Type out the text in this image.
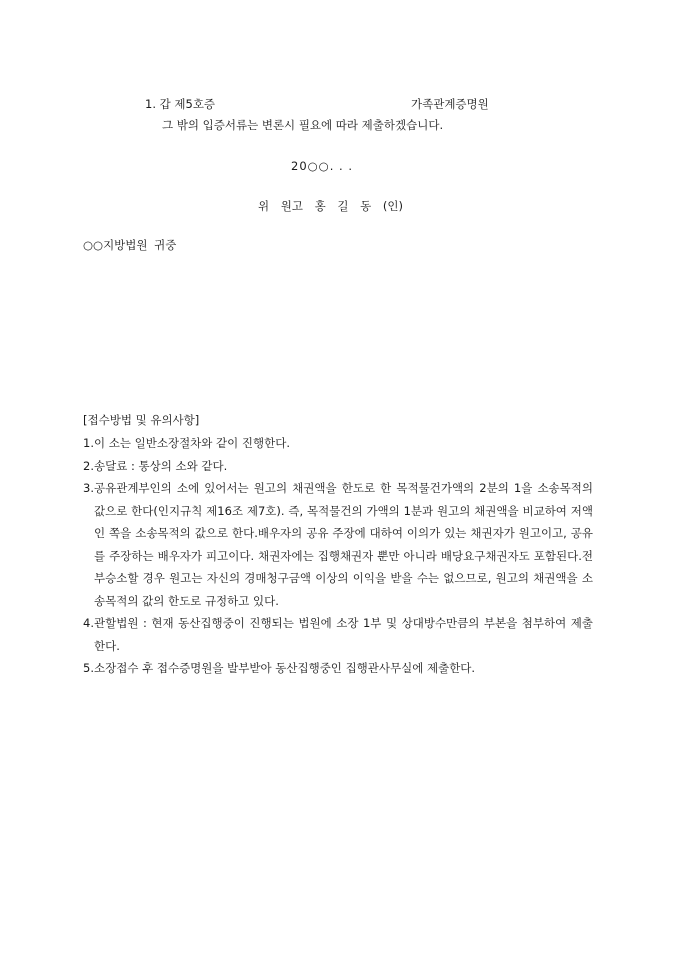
1. 갑 제5호증	가족관계증명원
그 밖의 입증서류는 변론시 필요에 따라 제출하겠습니다.
20○○. . .
위 원고 홍 길 동 (인)
○○지방법원 귀중
[접수방법 및 유의사항]
1. 이 소는 일반소장절차와 같이 진행한다.
2. 송달료 : 통상의 소와 같다.
3. 공유관계부인의 소에 있어서는 원고의 채권액을 한도로 한 목적물건가액의 2분의 1을 소송목적의 값으로 한다(인지규칙 제16조 제7호). 즉, 목적물건의 가액의 1분과 원고의 채권액을 비교하여 저액인 쪽을 소송목적의 값으로 한다.배우자의 공유 주장에 대하여 이의가 있는 채권자가 원고이고, 공유를 주장하는 배우자가 피고이다. 채권자에는 집행채권자 뿐만 아니라 배당요구채권자도 포함된다.전부승소할 경우 원고는 자신의 경매청구금액 이상의 이익을 받을 수는 없으므로, 원고의 채권액을 소송목적의 값의 한도로 규정하고 있다.
4. 관할법원 : 현재 동산집행중이 진행되는 법원에 소장 1부 및 상대방수만큼의 부본을 첨부하여 제출한다.
5. 소장접수 후 접수증명원을 발부받아 동산집행중인 집행관사무실에 제출한다.
